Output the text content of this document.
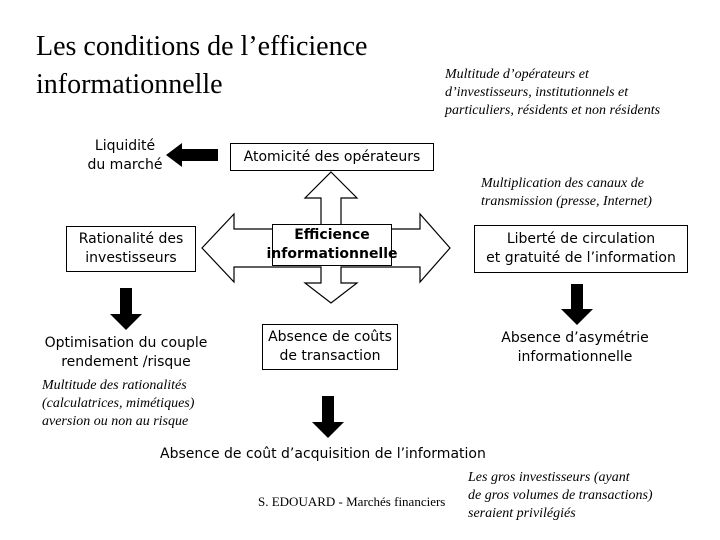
Les conditions de l’efficience
informationnelle	Multitude d’opérateurs et
d’investisseurs, institutionnels et
particuliers, résidents et non résidents
Liquidité
du marché
Atomicité des opérateurs
Multiplication des canaux de
transmission (presse, Internet)
Rationalité des
investisseurs
Efficience
informationnelle
Liberté de circulation
et gratuité de l’information
Optimisation du couple
rendement /risque
Absence de coûts
de transaction
Absence d’asymétrie
informationnelle
Multitude des rationalités
(calculatrices, mimétiques)
aversion ou non au risque
Absence de coût d’acquisition de l’information
Les gros investisseurs (ayant
de gros volumes de transactions)
seraient privilégiés
S. EDOUARD - Marchés financiers
